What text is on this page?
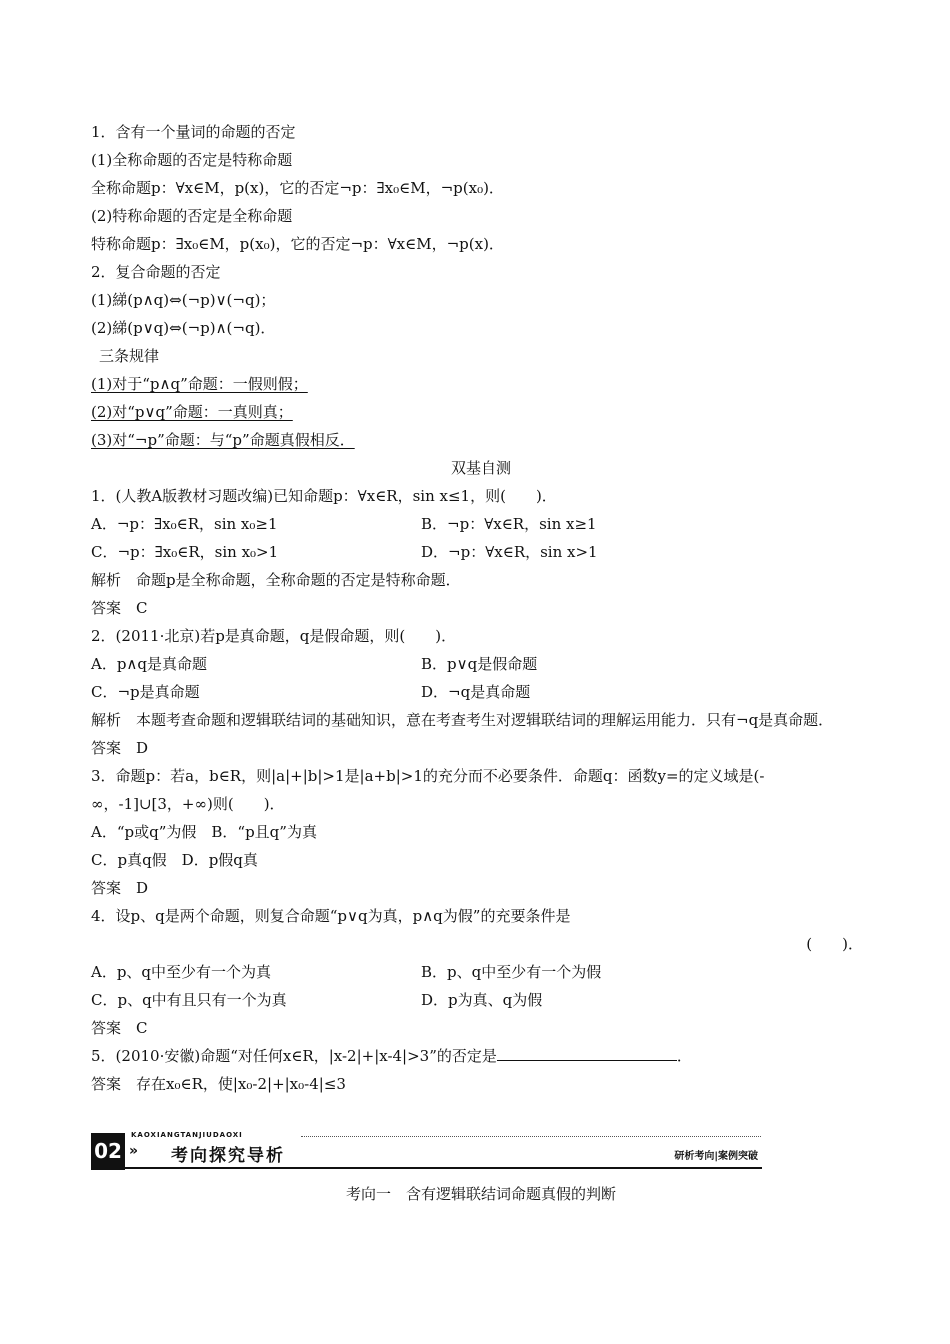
1．含有一个量词的命题的否定
(1)全称命题的否定是特称命题
全称命题p：∀x∈M，p(x)，它的否定¬p：∃x₀∈M，¬p(x₀)．
(2)特称命题的否定是全称命题
特称命题p：∃x₀∈M，p(x₀)，它的否定¬p：∀x∈M，¬p(x)．
2．复合命题的否定
(1)綈(p∧q)⇔(¬p)∨(¬q)；
(2)綈(p∨q)⇔(¬p)∧(¬q)．
三条规律
(1)对于“p∧q”命题：一假则假；
(2)对“p∨q”命题：一真则真；
(3)对“¬p”命题：与“p”命题真假相反．
双基自测
1．(人教A版教材习题改编)已知命题p：∀x∈R，sin x≤1，则(　　)．
A．¬p：∃x₀∈R，sin x₀≥1	B．¬p：∀x∈R，sin x≥1
C．¬p：∃x₀∈R，sin x₀>1	D．¬p：∀x∈R，sin x>1
解析　命题p是全称命题，全称命题的否定是特称命题．
答案　C
2．(2011·北京)若p是真命题，q是假命题，则(　　)．
A．p∧q是真命题	B．p∨q是假命题
C．¬p是真命题	D．¬q是真命题
解析　本题考查命题和逻辑联结词的基础知识，意在考查考生对逻辑联结词的理解运用能力．只有¬q是真命题．
答案　D
3．命题p：若a，b∈R，则|a|+|b|>1是|a+b|>1的充分而不必要条件．命题q：函数y=的定义域是(-∞，-1]∪[3，+∞)则(　　)．
A．“p或q”为假　B．“p且q”为真
C．p真q假　D．p假q真
答案　D
4．设p、q是两个命题，则复合命题“p∨q为真，p∧q为假”的充要条件是
(　　)．
A．p、q中至少有一个为真	B．p、q中至少有一个为假
C．p、q中有且只有一个为真	D．p为真、q为假
答案　C
5．(2010·安徽)命题“对任何x∈R，|x-2|+|x-4|>3”的否定是	．
答案　存在x₀∈R，使|x₀-2|+|x₀-4|≤3
02
KAOXIANGTANJIUDAOXI
» 考向探究导析	研析考向|案例突破
考向一　含有逻辑联结词命题真假的判断
